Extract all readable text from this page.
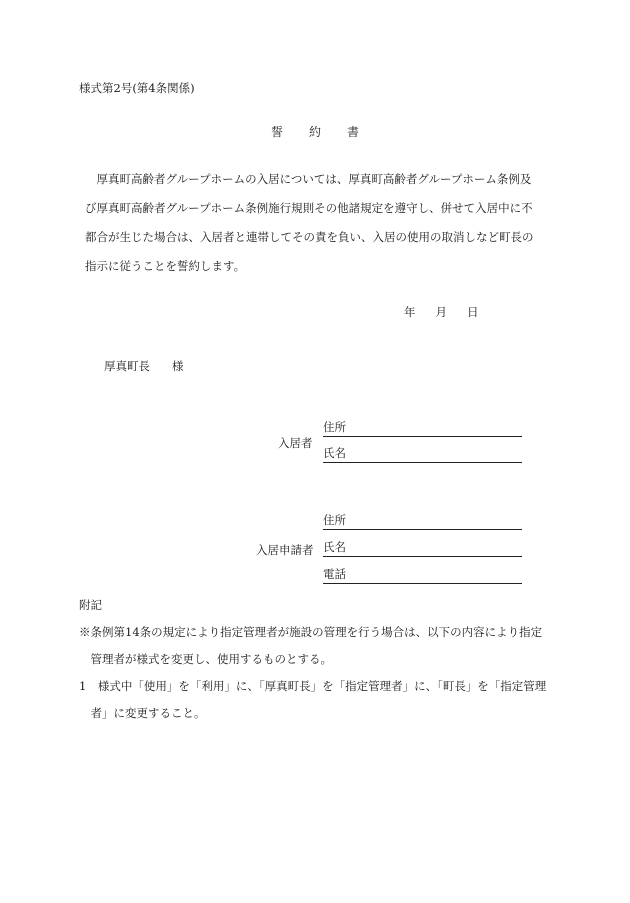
様式第2号(第4条関係)
誓 約 書

　厚真町高齢者グループホームの入居については、厚真町高齢者グループホーム条例及

び厚真町高齢者グループホーム条例施行規則その他諸規定を遵守し、併せて入居中に不

都合が生じた場合は、入居者と連帯してその責を負い、入居の使用の取消しなど町長の

指示に従うことを誓約します。

年 月 日
厚真町長 様
入居者
住所
氏名
住所
入居申請者 氏名
電話
附記

※条例第14条の規定により指定管理者が施設の管理を行う場合は、以下の内容により指定

　管理者が様式を変更し、使用するものとする。

1　様式中「使用」を「利用」に、「厚真町長」を「指定管理者」に、「町長」を「指定管理

　者」に変更すること。
